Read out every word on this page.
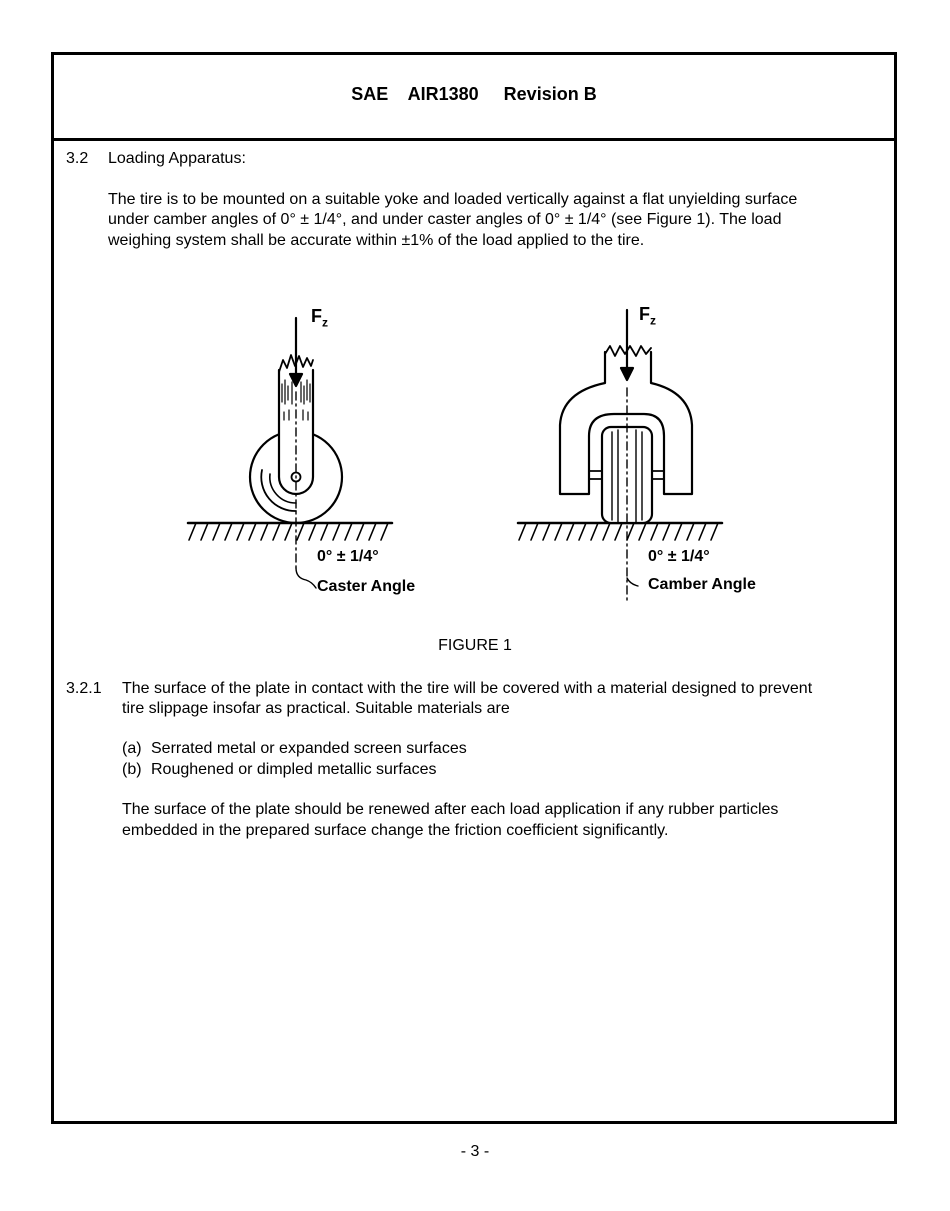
SAE    AIR1380     Revision B
3.2 Loading Apparatus:
The tire is to be mounted on a suitable yoke and loaded vertically against a flat unyielding surface
under camber angles of 0° ± 1/4°, and under caster angles of 0° ± 1/4° (see Figure 1). The load
weighing system shall be accurate within ±1% of the load applied to the tire.
$F_z$
0° ± 1/4°
Caster Angle
$F_z$
0° ± 1/4°
Camber Angle
FIGURE 1
3.2.1 The surface of the plate in contact with the tire will be covered with a material designed to prevent
tire slippage insofar as practical. Suitable materials are
(a) Serrated metal or expanded screen surfaces
(b) Roughened or dimpled metallic surfaces
The surface of the plate should be renewed after each load application if any rubber particles
embedded in the prepared surface change the friction coefficient significantly.
- 3 -
